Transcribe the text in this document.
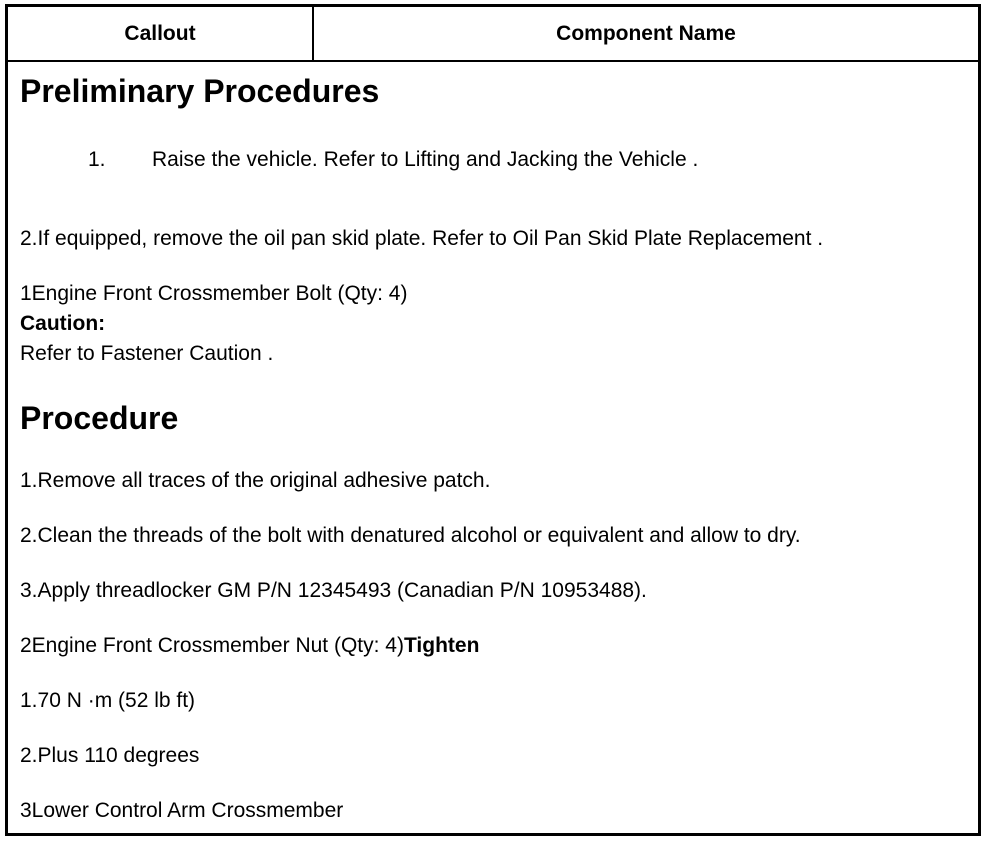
Callout	Component Name
Preliminary Procedures
1. Raise the vehicle. Refer to Lifting and Jacking the Vehicle .
2.If equipped, remove the oil pan skid plate. Refer to Oil Pan Skid Plate Replacement .
1Engine Front Crossmember Bolt (Qty: 4)
Caution:
Refer to Fastener Caution .
Procedure
1.Remove all traces of the original adhesive patch.
2.Clean the threads of the bolt with denatured alcohol or equivalent and allow to dry.
3.Apply threadlocker GM P/N 12345493 (Canadian P/N 10953488).
2Engine Front Crossmember Nut (Qty: 4)Tighten
1.70 N ·m (52 lb ft)
2.Plus 110 degrees
3Lower Control Arm Crossmember
